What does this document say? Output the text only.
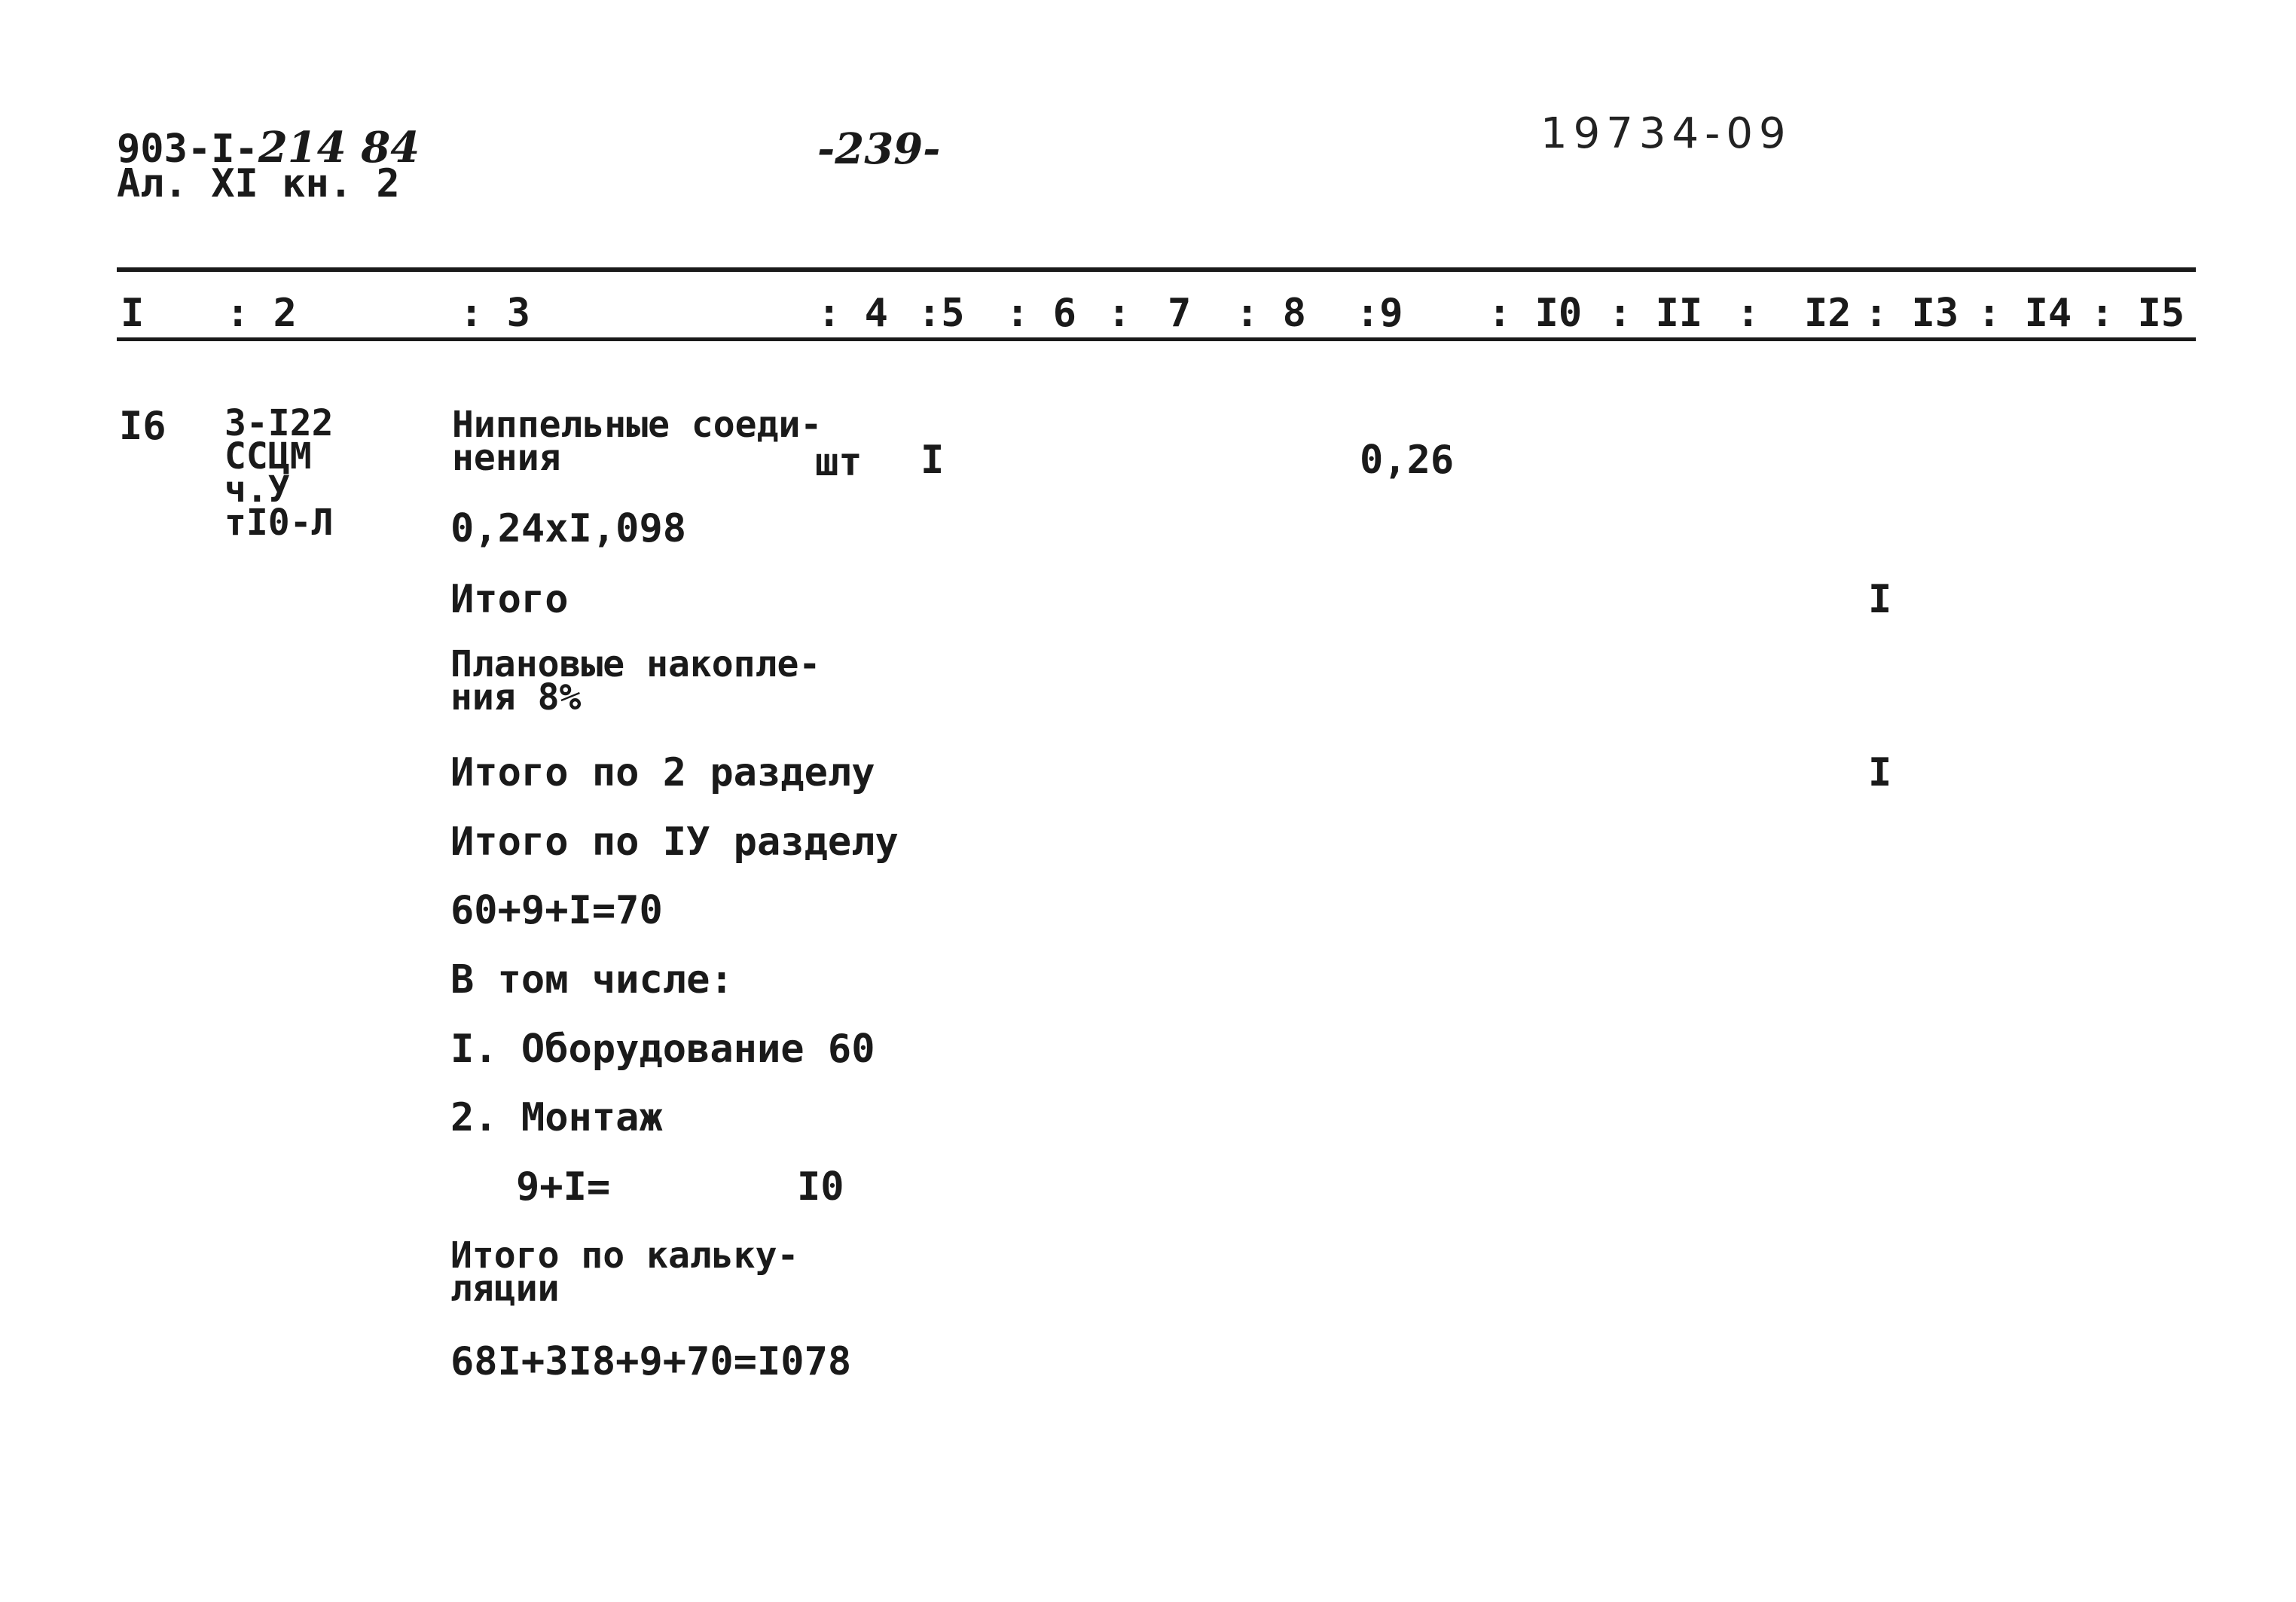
903-I-214 84
Ал. XI кн. 2
-239-	19734-09
I : 2	: 3	: 4 :5 : 6 : 7 : 8 :9 : I0 : II : I2 : I3 : I4 : I5
I6 3-I22
ССЦМ
ч.У
тI0-Л
Ниппельные соеди-
нения	шт I	0,26
0,24xI,098
Итого	I
Плановые накопле-
ния 8%
Итого по 2 разделу	I
Итого по IУ разделу
60+9+I=70
В том числе:
I. Оборудование 60
2. Монтаж
9+I=	I0
Итого по кальку-
ляции
68I+3I8+9+70=I078
